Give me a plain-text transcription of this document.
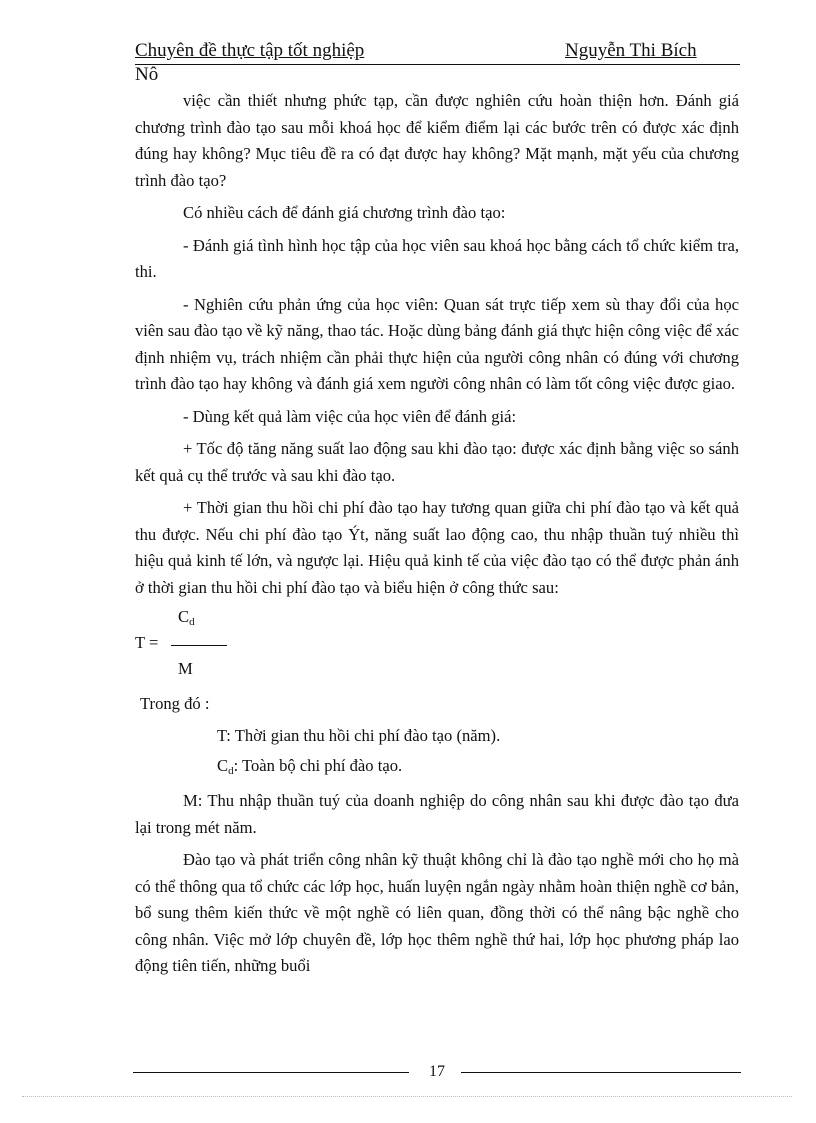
Chuyên đề thực tập tốt nghiệp	Nguyễn Thi Bích
Nô

việc cần thiết nhưng phức tạp, cần được nghiên cứu hoàn thiện hơn. Đánh giá chương trình đào tạo sau mỗi khoá học để kiểm điểm lại các bước trên có được xác định đúng hay không? Mục tiêu đề ra có đạt được hay không? Mặt mạnh, mặt yếu của chương trình đào tạo?

Có nhiều cách để đánh giá chương trình đào tạo:

- Đánh giá tình hình học tập của học viên sau khoá học bằng cách tổ chức kiểm tra, thi.

- Nghiên cứu phản ứng của học viên: Quan sát trực tiếp xem sù thay đổi của học viên sau đào tạo về kỹ năng, thao tác. Hoặc dùng bảng đánh giá thực hiện công việc để xác định nhiệm vụ, trách nhiệm cần phải thực hiện của người công nhân có đúng với chương trình đào tạo hay không và đánh giá xem người công nhân có làm tốt công việc được giao.

- Dùng kết quả làm việc của học viên để đánh giá:

+ Tốc độ tăng năng suất lao động sau khi đào tạo: được xác định bằng việc so sánh kết quả cụ thể trước và sau khi đào tạo.

+ Thời gian thu hồi chi phí đào tạo hay tương quan giữa chi phí đào tạo và kết quả thu được. Nếu chi phí đào tạo Ýt, năng suất lao động cao, thu nhập thuần tuý nhiều thì hiệu quả kinh tế lớn, và ngược lại. Hiệu quả kinh tế của việc đào tạo có thể được phản ánh ở thời gian thu hồi chi phí đào tạo và biểu hiện ở công thức sau:

$C_d$
T =
M
Trong đó :
T: Thời gian thu hồi chi phí đào tạo (năm).
$C_d$: Toàn bộ chi phí đào tạo.

M: Thu nhập thuần tuý của doanh nghiệp do công nhân sau khi được đào tạo đưa lại trong mét năm.

Đào tạo và phát triển công nhân kỹ thuật không chỉ là đào tạo nghề mới cho họ mà có thể thông qua tổ chức các lớp học, huấn luyện ngắn ngày nhằm hoàn thiện nghề cơ bản, bổ sung thêm kiến thức về một nghề có liên quan, đồng thời có thể nâng bậc nghề cho công nhân. Việc mở lớp chuyên đề, lớp học thêm nghề thứ hai, lớp học phương pháp lao động tiên tiến, những buổi

17
